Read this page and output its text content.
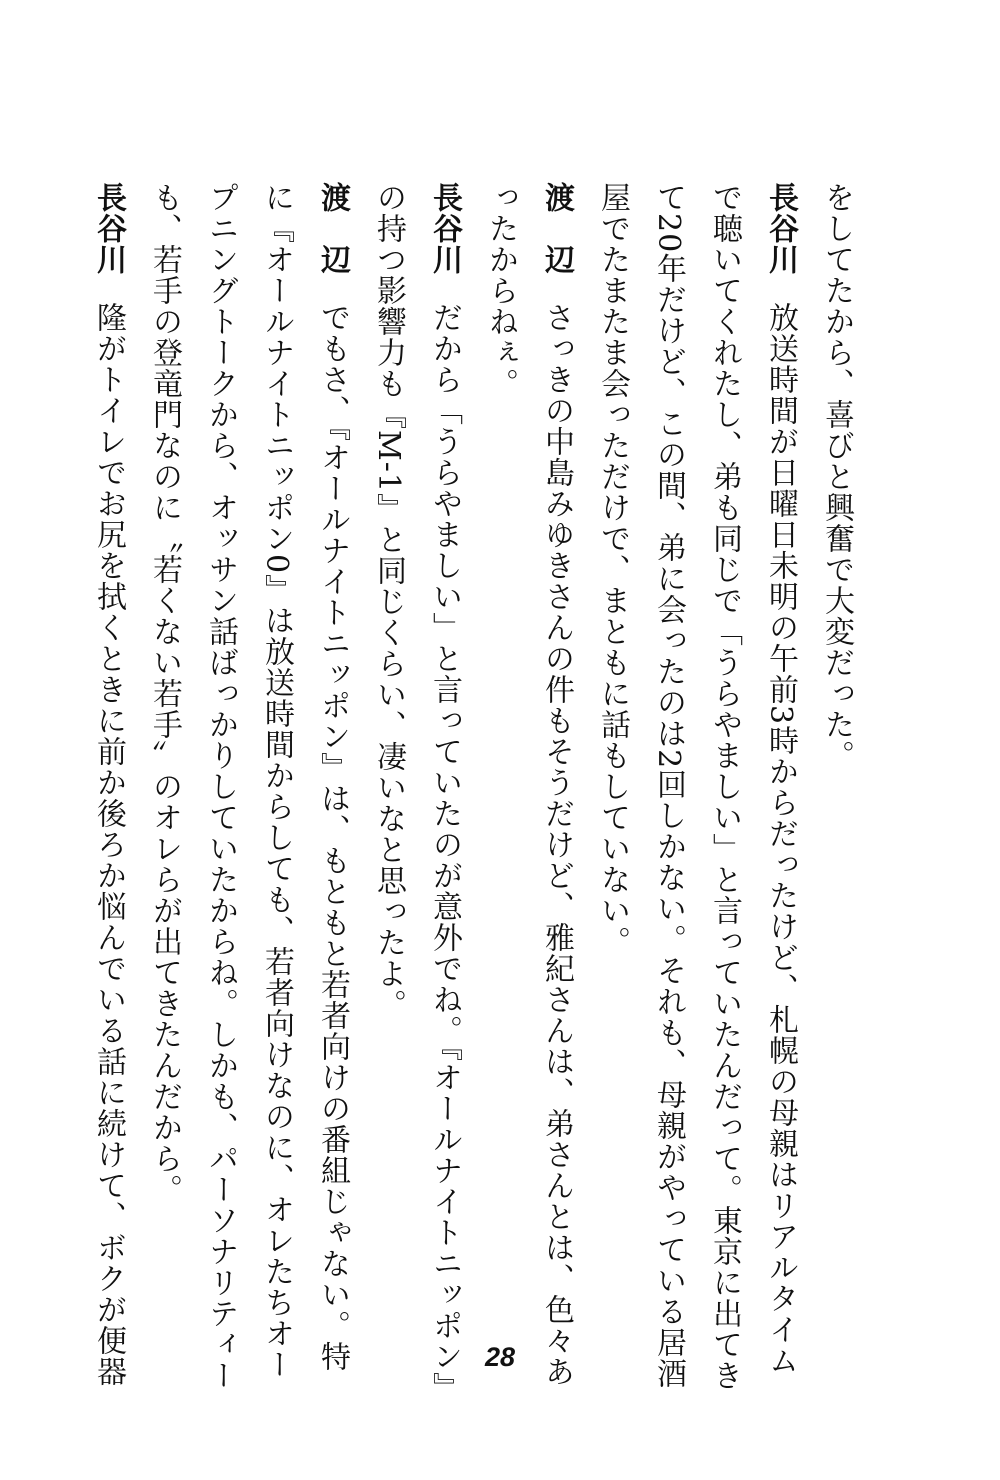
をしてたから、喜びと興奮で大変だった。
長谷川放送時間が日曜日未明の午前3時からだったけど、札幌の母親はリアルタイム
で聴いてくれたし、弟も同じで「うらやましい」と言っていたんだって。東京に出てき
て20年だけど、この間、弟に会ったのは2回しかない。それも、母親がやっている居酒
屋でたまたま会っただけで、まともに話もしていない。
渡　辺さっきの中島みゆきさんの件もそうだけど、雅紀さんは、弟さんとは、色々あ
ったからねぇ。
長谷川だから「うらやましい」と言っていたのが意外でね。『オールナイトニッポン』
の持つ影響力も『M-1』と同じくらい、凄いなと思ったよ。
渡　辺でもさ、『オールナイトニッポン』は、もともと若者向けの番組じゃない。特
に『オールナイトニッポン0』は放送時間からしても、若者向けなのに、オレたちオー
プニングトークから、オッサン話ばっかりしていたからね。しかも、パーソナリティー
も、若手の登竜門なのに〝若くない若手〟のオレらが出てきたんだから。
長谷川隆がトイレでお尻を拭くときに前か後ろか悩んでいる話に続けて、ボクが便器	28
